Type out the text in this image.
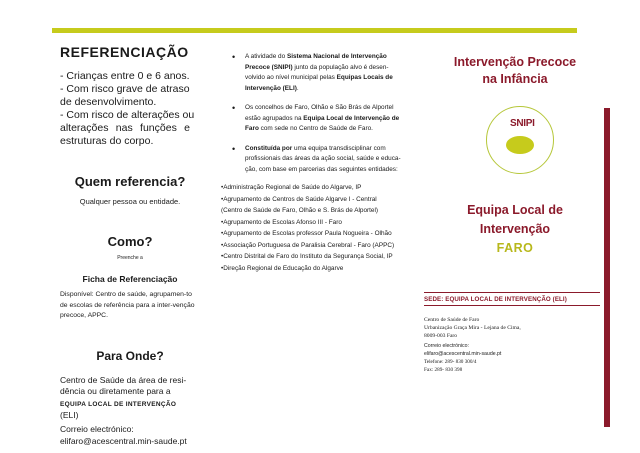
REFERENCIAÇÃO
- Crianças entre 0 e 6 anos.
- Com risco grave de atraso
de desenvolvimento.
- Com risco de alterações ou
alterações nas funções e
estruturas do corpo.
Quem referencia?
Qualquer pessoa ou entidade.
Como?
Preenche a
Ficha de Referenciação
Disponível: Centro de saúde, agrupamen-to de escolas de referência para a inter-venção precoce, APPC.
Para Onde?
Centro de Saúde da área de resi-dência ou diretamente para a EQUIPA LOCAL DE INTERVENÇÃO
(ELI)
Correio electrónico:
elifaro@acescentral.min-saude.pt
• A atividade do Sistema Nacional de Intervenção Precoce (SNIPI) junto da população alvo é desen-volvido ao nível municipal pelas Equipas Locais de Intervenção (ELI).
• Os concelhos de Faro, Olhão e São Brás de Alportel estão agrupados na Equipa Local de Intervenção de Faro com sede no Centro de Saúde de Faro.
• Constituída por uma equipa transdisciplinar com profissionais das áreas da ação social, saúde e educa-ção, com base em parcerias das seguintes entidades:
•Administração Regional de Saúde do Algarve, IP
•Agrupamento de Centros de Saúde Algarve I - Central (Centro de Saúde de Faro, Olhão e S. Brás de Alportel)
•Agrupamento de Escolas Afonso III - Faro
•Agrupamento de Escolas professor Paula Nogueira - Olhão
•Associação Portuguesa de Paralisia Cerebral - Faro (APPC)
•Centro Distrital de Faro do Instituto da Segurança Social, IP
•Direção Regional de Educação do Algarve
Intervenção Precoce
na Infância
SNIPI
Equipa Local de
Intervenção
FARO
SEDE: EQUIPA LOCAL DE INTERVENÇÃO (ELI)
Centro de Saúde de Faro
Urbanização Graça Mira - Lejana de Cima,
8009-003 Faro
Correio electrónico:
elifaro@acescentral.min-saude.pt
Telefone: 289- 830 300/4
Fax: 289- 830 398
